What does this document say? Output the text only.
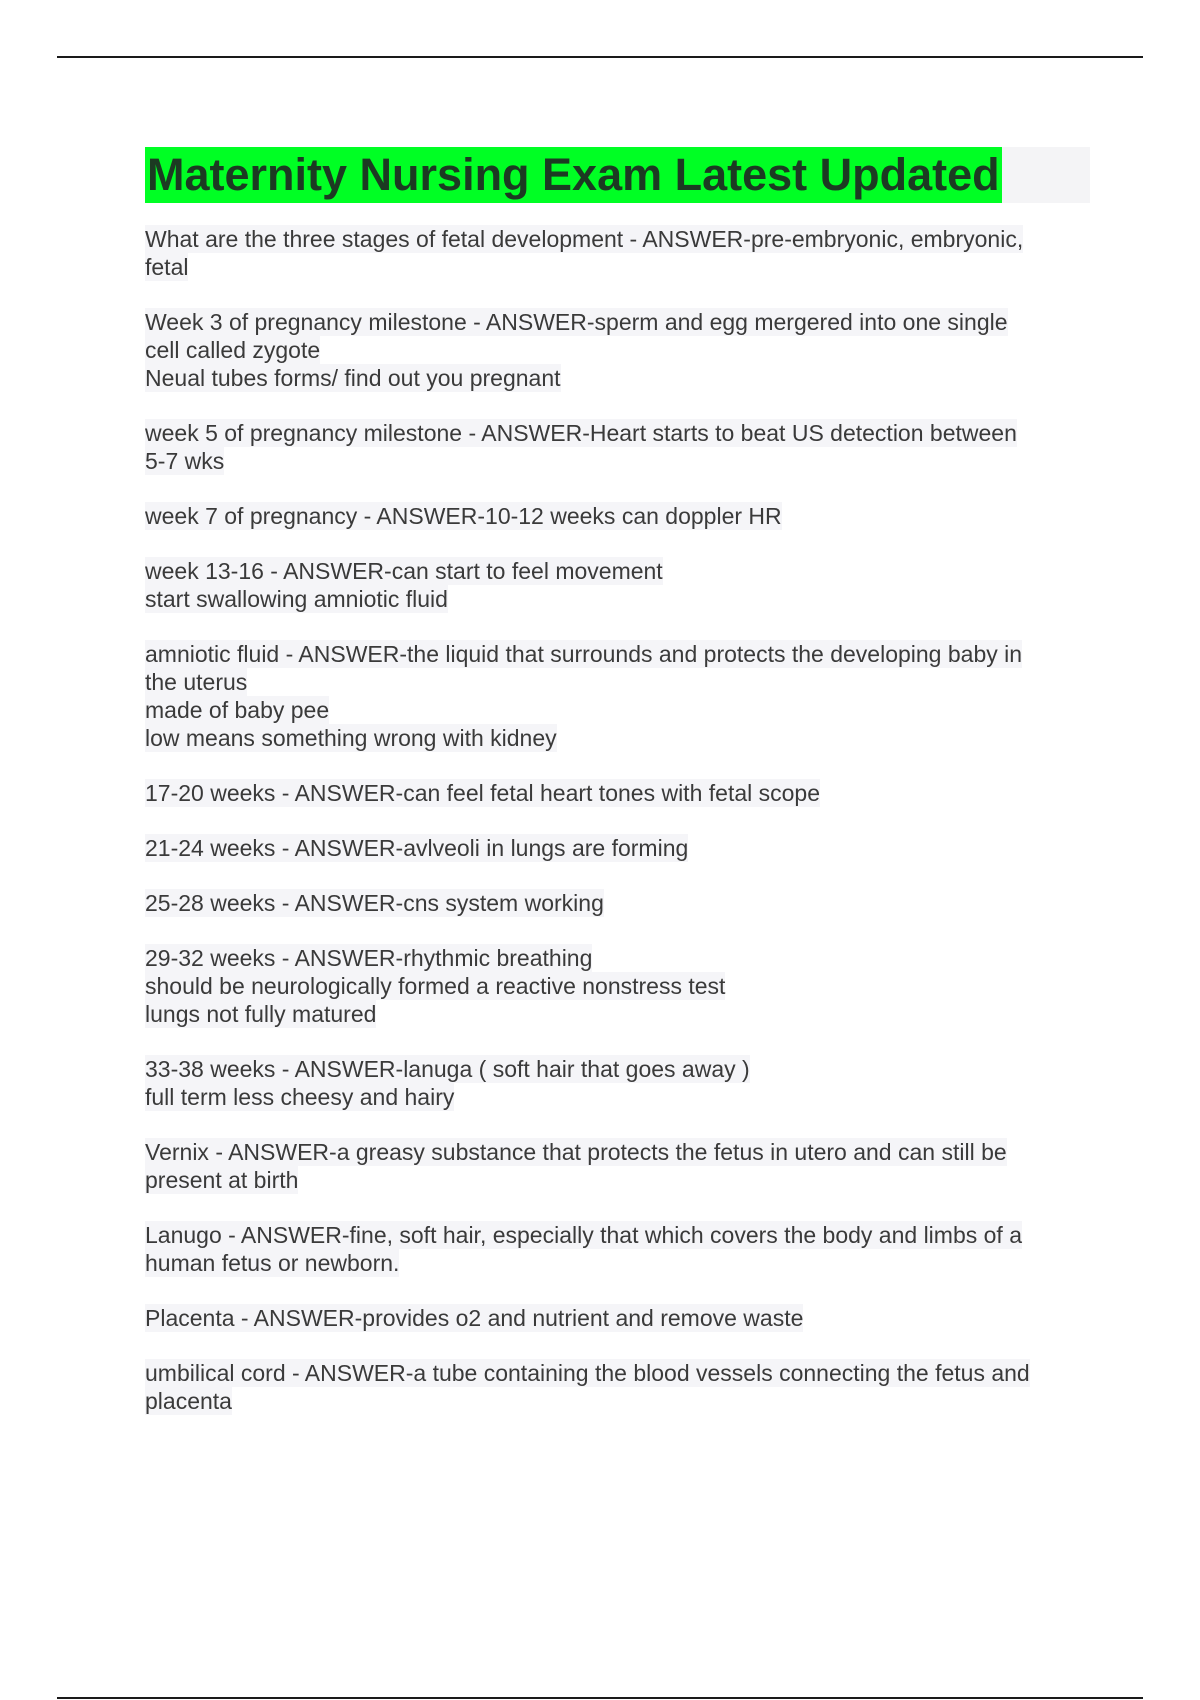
Maternity Nursing Exam Latest Updated
What are the three stages of fetal development - ANSWER-pre-embryonic, embryonic,
fetal
Week 3 of pregnancy milestone - ANSWER-sperm and egg mergered into one single
cell called zygote
Neual tubes forms/ find out you pregnant
week 5 of pregnancy milestone - ANSWER-Heart starts to beat US detection between
5-7 wks
week 7 of pregnancy - ANSWER-10-12 weeks can doppler HR
week 13-16 - ANSWER-can start to feel movement
start swallowing amniotic fluid
amniotic fluid - ANSWER-the liquid that surrounds and protects the developing baby in
the uterus
made of baby pee
low means something wrong with kidney
17-20 weeks - ANSWER-can feel fetal heart tones with fetal scope
21-24 weeks - ANSWER-avlveoli in lungs are forming
25-28 weeks - ANSWER-cns system working
29-32 weeks - ANSWER-rhythmic breathing
should be neurologically formed a reactive nonstress test
lungs not fully matured
33-38 weeks - ANSWER-lanuga ( soft hair that goes away )
full term less cheesy and hairy
Vernix - ANSWER-a greasy substance that protects the fetus in utero and can still be
present at birth
Lanugo - ANSWER-fine, soft hair, especially that which covers the body and limbs of a
human fetus or newborn.
Placenta - ANSWER-provides o2 and nutrient and remove waste
umbilical cord - ANSWER-a tube containing the blood vessels connecting the fetus and
placenta
